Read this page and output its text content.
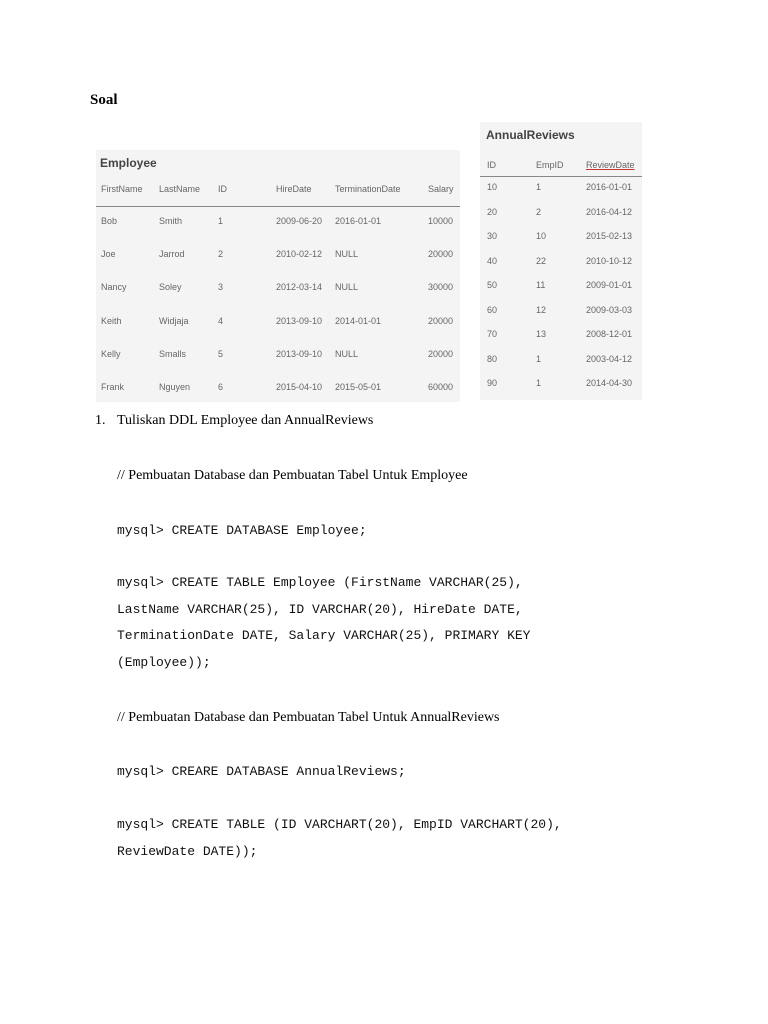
Soal
Employee
FirstName LastName ID	HireDate	TerminationDate	Salary
Bob	Smith	1	2009-06-20 2016-01-01	10000
Joe	Jarrod	2	2010-02-12 NULL	20000
Nancy	Soley	3	2012-03-14 NULL	30000
Keith	Widjaja	4	2013-09-10 2014-01-01	20000
Kelly	Smalls	5	2013-09-10 NULL	20000
Frank	Nguyen	6	2015-04-10 2015-05-01	60000
AnnualReviews
ID	EmpID ReviewDate
10	1	2016-01-01
20	2	2016-04-12
30	10	2015-02-13
40	22	2010-10-12
50	11	2009-01-01
60	12	2009-03-03
70	13	2008-12-01
80	1	2003-04-12
90	1	2014-04-30
1. Tuliskan DDL Employee dan AnnualReviews
// Pembuatan Database dan Pembuatan Tabel Untuk Employee
mysql> CREATE DATABASE Employee;
mysql> CREATE TABLE Employee (FirstName VARCHAR(25),
LastName VARCHAR(25), ID VARCHAR(20), HireDate DATE,
TerminationDate DATE, Salary VARCHAR(25), PRIMARY KEY
(Employee));
// Pembuatan Database dan Pembuatan Tabel Untuk AnnualReviews
mysql> CREARE DATABASE AnnualReviews;
mysql> CREATE TABLE (ID VARCHART(20), EmpID VARCHART(20),
ReviewDate DATE));
